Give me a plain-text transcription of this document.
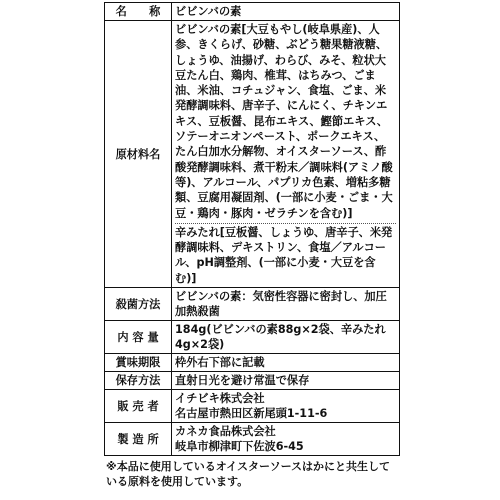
名　　称	ビビンバの素
原材料名	ビビンバの素[大豆もやし(岐阜県産)、人参、きくらげ、砂糖、ぶどう糖果糖液糖、しょうゆ、油揚げ、わらび、みそ、粒状大豆たん白、鶏肉、椎茸、はちみつ、ごま油、米油、コチュジャン、食塩、ごま、米発酵調味料、唐辛子、にんにく、チキンエキス、豆板醤、昆布エキス、鰹節エキス、ソテーオニオンペースト、ポークエキス、たん白加水分解物、オイスターソース、酢酸発酵調味料、煮干粉末／調味料(アミノ酸等)、アルコール、パプリカ色素、増粘多糖類、豆腐用凝固剤、(一部に小麦・ごま・大豆・鶏肉・豚肉・ゼラチンを含む)]
辛みたれ[豆板醤、しょうゆ、唐辛子、米発酵調味料、デキストリン、食塩／アルコール、pH調整剤、(一部に小麦・大豆を含む)]

殺菌方法	ビビンバの素：気密性容器に密封し、加圧加熱殺菌
内 容 量	184g(ビビンバの素88g×2袋、辛みたれ4g×2袋)
賞味期限	枠外右下部に記載
保存方法	直射日光を避け常温で保存
販 売 者	イチビキ株式会社
名古屋市熱田区新尾頭1-11-6

製 造 所	カネカ食品株式会社
岐阜市柳津町下佐波6-45
※本品に使用しているオイスターソースはかにと共生している原料を使用しています。
